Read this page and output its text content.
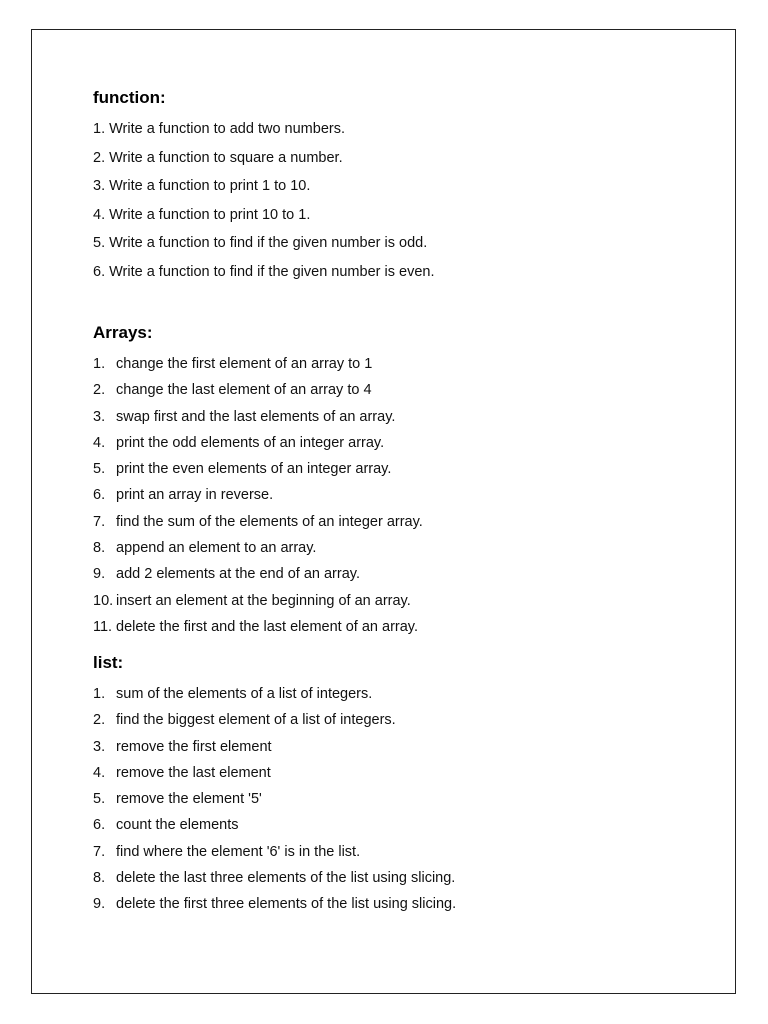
function:
1. Write a function to add two numbers.
2. Write a function to square a number.
3. Write a function to print 1 to 10.
4. Write a function to print 10 to 1.
5. Write a function to find if the given number is odd.
6. Write a function to find if the given number is even.
Arrays:
1. change the first element of an array to 1
2. change the last element of an array to 4
3. swap first and the last elements of an array.
4. print the odd elements of an integer array.
5. print the even elements of an integer array.
6. print an array in reverse.
7. find the sum of the elements of an integer array.
8. append an element to an array.
9. add 2 elements at the end of an array.
10. insert an element at the beginning of an array.
11. delete the first and the last element of an array.
list:
1. sum of the elements of a list of integers.
2. find the biggest element of a list of integers.
3. remove the first element
4. remove the last element
5. remove the element '5'
6. count the elements
7. find where the element '6' is in the list.
8. delete the last three elements of the list using slicing.
9. delete the first three elements of the list using slicing.
